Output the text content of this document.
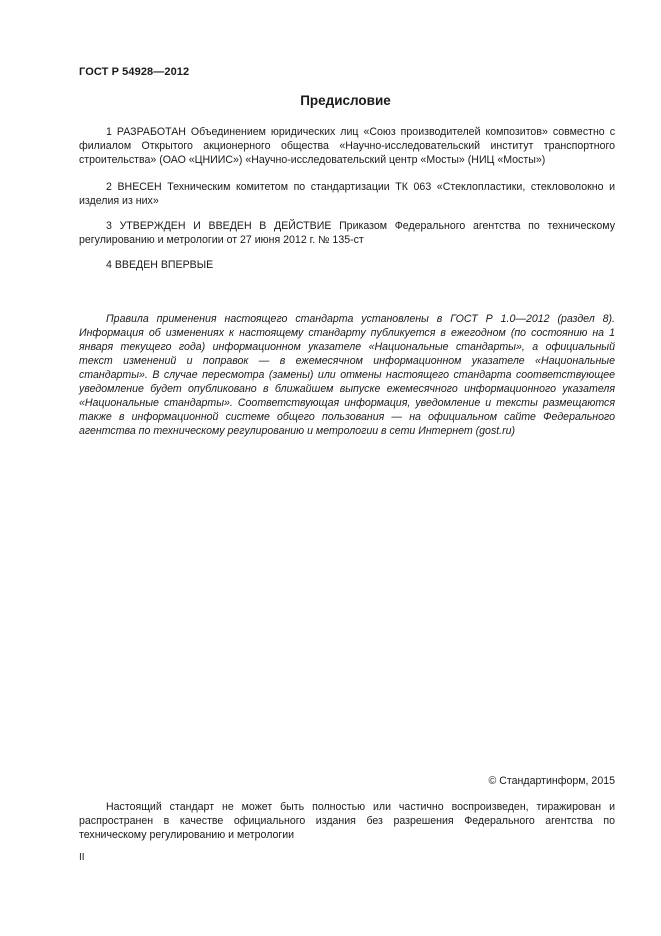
ГОСТ Р 54928—2012
Предисловие

1 РАЗРАБОТАН Объединением юридических лиц «Союз производителей композитов» совместно с филиалом Открытого акционерного общества «Научно-исследовательский институт транспортного строительства» (ОАО «ЦНИИС») «Научно-исследовательский центр «Мосты» (НИЦ «Мосты»)

2 ВНЕСЕН Техническим комитетом по стандартизации ТК 063 «Стеклопластики, стекловолокно и изделия из них»

3 УТВЕРЖДЕН И ВВЕДЕН В ДЕЙСТВИЕ Приказом Федерального агентства по техническому регулированию и метрологии от 27 июня 2012 г. № 135-ст

4 ВВЕДЕН ВПЕРВЫЕ

Правила применения настоящего стандарта установлены в ГОСТ Р 1.0—2012 (раздел 8). Информация об изменениях к настоящему стандарту публикуется в ежегодном (по состоянию на 1 января текущего года) информационном указателе «Национальные стандарты», а официальный текст изменений и поправок — в ежемесячном информационном указателе «Национальные стандарты». В случае пересмотра (замены) или отмены настоящего стандарта соответствующее уведомление будет опубликовано в ближайшем выпуске ежемесячного информационного указателя «Национальные стандарты». Соответствующая информация, уведомление и тексты размещаются также в информационной системе общего пользования — на официальном сайте Федерального агентства по техническому регулированию и метрологии в сети Интернет (gost.ru)

© Стандартинформ, 2015

Настоящий стандарт не может быть полностью или частично воспроизведен, тиражирован и распространен в качестве официального издания без разрешения Федерального агентства по техническому регулированию и метрологии

II
